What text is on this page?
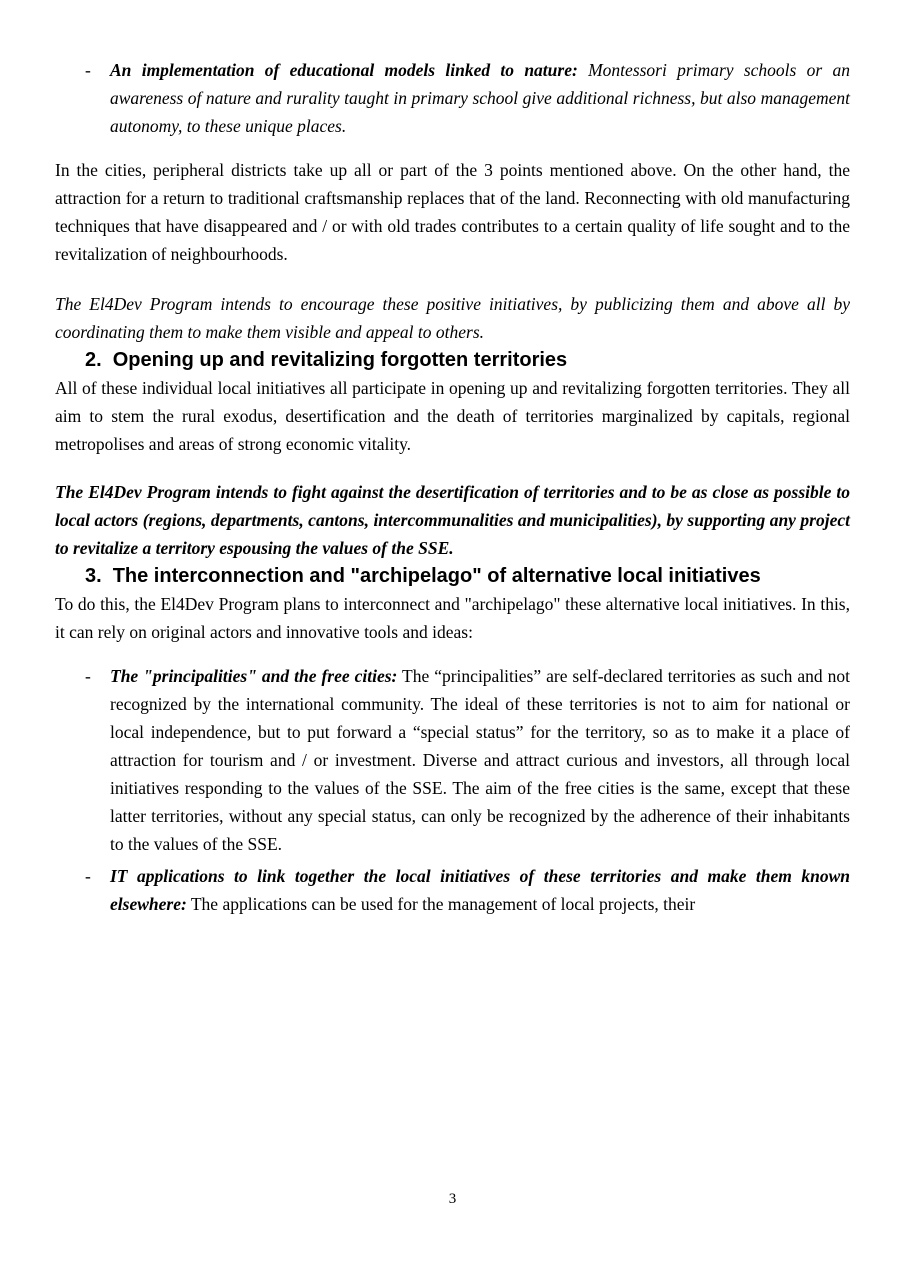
-	An implementation of educational models linked to nature: Montessori primary schools or an awareness of nature and rurality taught in primary school give additional richness, but also management autonomy, to these unique places.

In the cities, peripheral districts take up all or part of the 3 points mentioned above. On the other hand, the attraction for a return to traditional craftsmanship replaces that of the land. Reconnecting with old manufacturing techniques that have disappeared and / or with old trades contributes to a certain quality of life sought and to the revitalization of neighbourhoods.

The El4Dev Program intends to encourage these positive initiatives, by publicizing them and above all by coordinating them to make them visible and appeal to others.

2. Opening up and revitalizing forgotten territories

All of these individual local initiatives all participate in opening up and revitalizing forgotten territories. They all aim to stem the rural exodus, desertification and the death of territories marginalized by capitals, regional metropolises and areas of strong economic vitality.

The El4Dev Program intends to fight against the desertification of territories and to be as close as possible to local actors (regions, departments, cantons, intercommunalities and municipalities), by supporting any project to revitalize a territory espousing the values of the SSE.

3. The interconnection and "archipelago" of alternative local initiatives

To do this, the El4Dev Program plans to interconnect and "archipelago" these alternative local initiatives. In this, it can rely on original actors and innovative tools and ideas:

-	The "principalities" and the free cities: The “principalities” are self-declared territories as such and not recognized by the international community. The ideal of these territories is not to aim for national or local independence, but to put forward a “special status” for the territory, so as to make it a place of attraction for tourism and / or investment. Diverse and attract curious and investors, all through local initiatives responding to the values of the SSE. The aim of the free cities is the same, except that these latter territories, without any special status, can only be recognized by the adherence of their inhabitants to the values of the SSE.

-	IT applications to link together the local initiatives of these territories and make them known elsewhere: The applications can be used for the management of local projects, their

3
